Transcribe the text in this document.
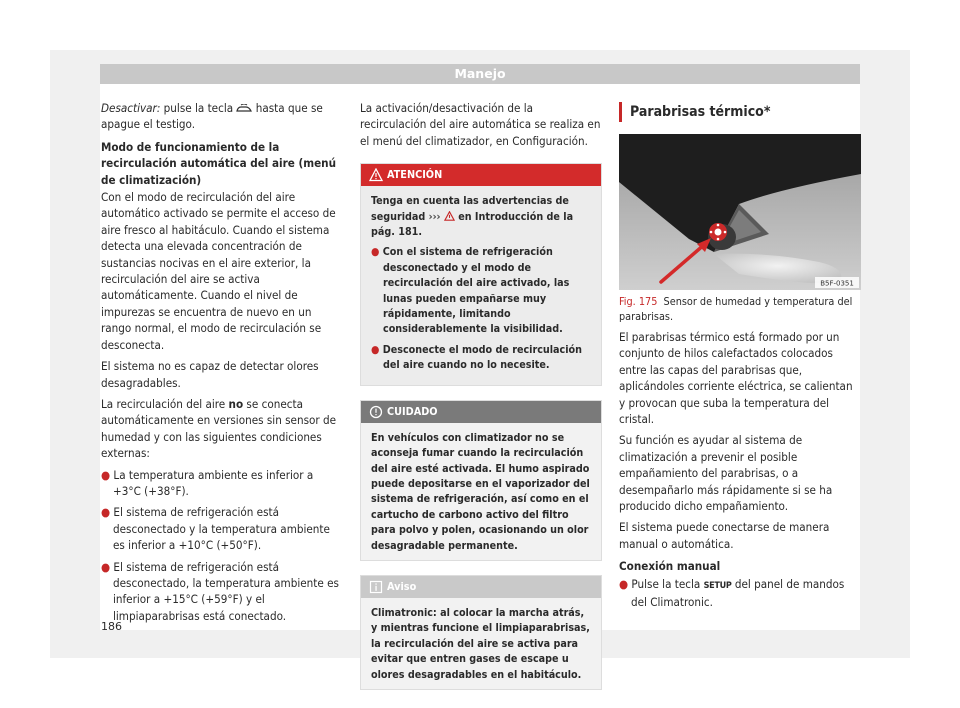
Manejo

Desactivar: pulse la tecla  hasta que se apague el testigo.

Modo de funcionamiento de la recirculación automática del aire (menú de climatización)

Con el modo de recirculación del aire automático activado se permite el acceso de aire fresco al habitáculo. Cuando el sistema detecta una elevada concentración de sustancias nocivas en el aire exterior, la recirculación del aire se activa automáticamente. Cuando el nivel de impurezas se encuentra de nuevo en un rango normal, el modo de recirculación se desconecta.

El sistema no es capaz de detectar olores desagradables.

La recirculación del aire no se conecta automáticamente en versiones sin sensor de humedad y con las siguientes condiciones externas:

● La temperatura ambiente es inferior a +3°C (+38°F).

● El sistema de refrigeración está desconectado y la temperatura ambiente es inferior a +10°C (+50°F).

● El sistema de refrigeración está desconectado, la temperatura ambiente es inferior a +15°C (+59°F) y el limpiaparabrisas está conectado.

La activación/desactivación de la recirculación del aire automática se realiza en el menú del climatizador, en Configuración.

ATENCIÓN

Tenga en cuenta las advertencias de seguridad ›››  en Introducción de la pág. 181.

● Con el sistema de refrigeración desconectado y el modo de recirculación del aire activado, las lunas pueden empañarse muy rápidamente, limitando considerablemente la visibilidad.

● Desconecte el modo de recirculación del aire cuando no lo necesite.

CUIDADO
En vehículos con climatizador no se aconseja fumar cuando la recirculación del aire esté activada. El humo aspirado puede depositarse en el vaporizador del sistema de refrigeración, así como en el cartucho de carbono activo del filtro para polvo y polen, ocasionando un olor desagradable permanente.
Aviso
Climatronic: al colocar la marcha atrás, y mientras funcione el limpiaparabrisas, la recirculación del aire se activa para evitar que entren gases de escape u olores desagradables en el habitáculo.
Parabrisas térmico*
B5F-0351

Fig. 175 Sensor de humedad y temperatura del parabrisas.

El parabrisas térmico está formado por un conjunto de hilos calefactados colocados entre las capas del parabrisas que, aplicándoles corriente eléctrica, se calientan y provocan que suba la temperatura del cristal.

Su función es ayudar al sistema de climatización a prevenir el posible empañamiento del parabrisas, o a desempañarlo más rápidamente si se ha producido dicho empañamiento.

El sistema puede conectarse de manera manual o automática.

Conexión manual

● Pulse la tecla SETUP del panel de mandos del Climatronic.

186
